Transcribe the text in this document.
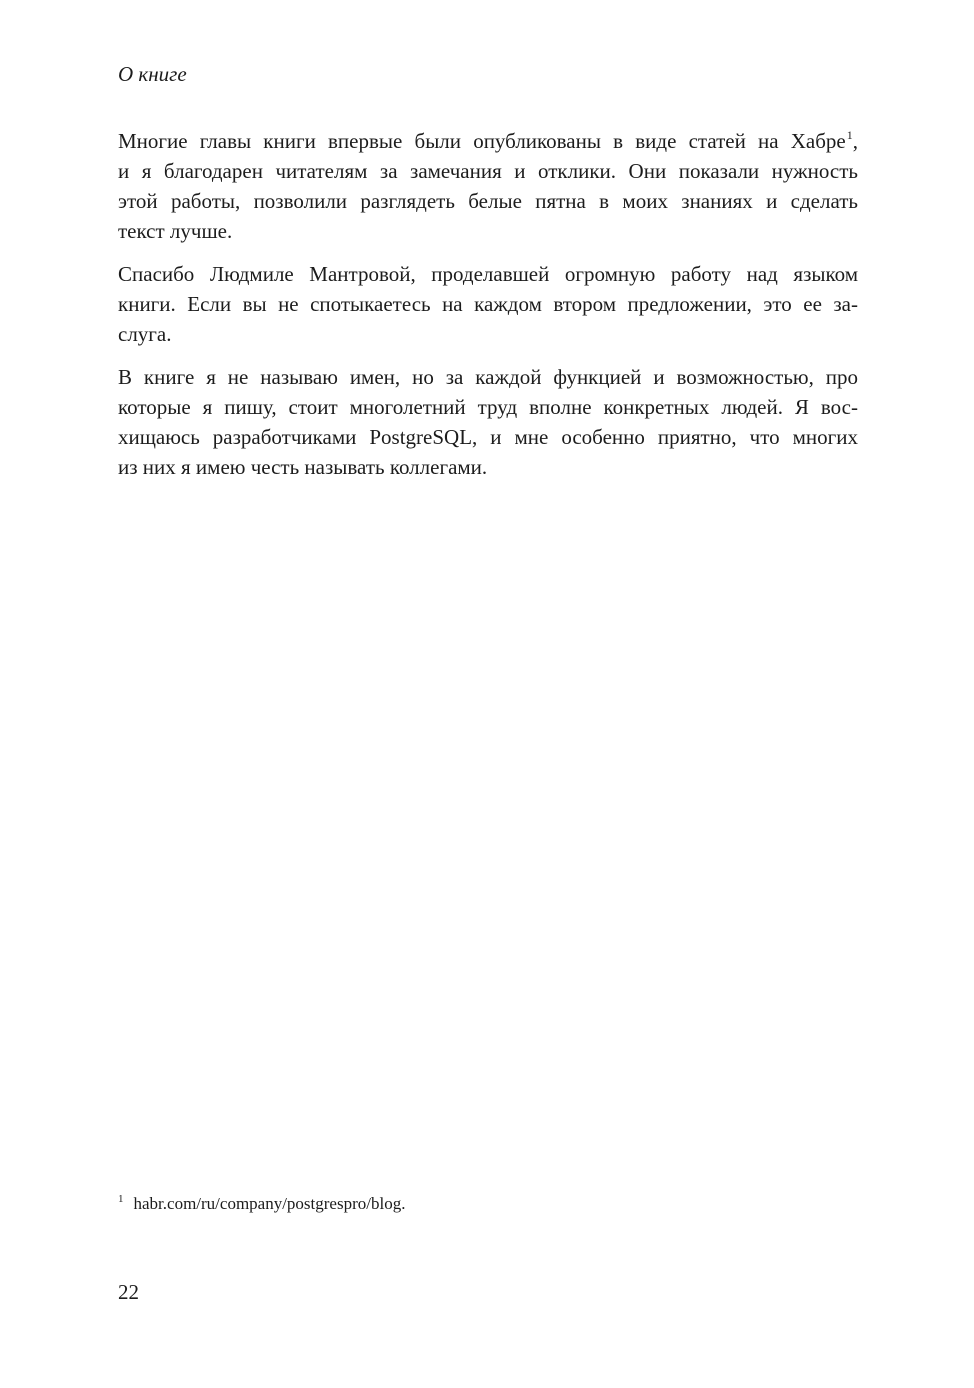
О книге

Многие главы книги впервые были опубликованы в виде статей на Хабре$^1$,
и я благодарен читателям за замечания и отклики. Они показали нужность
этой работы, позволили разглядеть белые пятна в моих знаниях и сделать
текст лучше.

Спасибо Людмиле Мантровой, проделавшей огромную работу над языком
книги. Если вы не спотыкаетесь на каждом втором предложении, это ее за-
слуга.

В книге я не называю имен, но за каждой функцией и возможностью, про
которые я пишу, стоит многолетний труд вполне конкретных людей. Я вос-
хищаюсь разработчиками PostgreSQL, и мне особенно приятно, что многих
из них я имею честь называть коллегами.

$^1$ habr.com/ru/company/postgrespro/blog.
22
